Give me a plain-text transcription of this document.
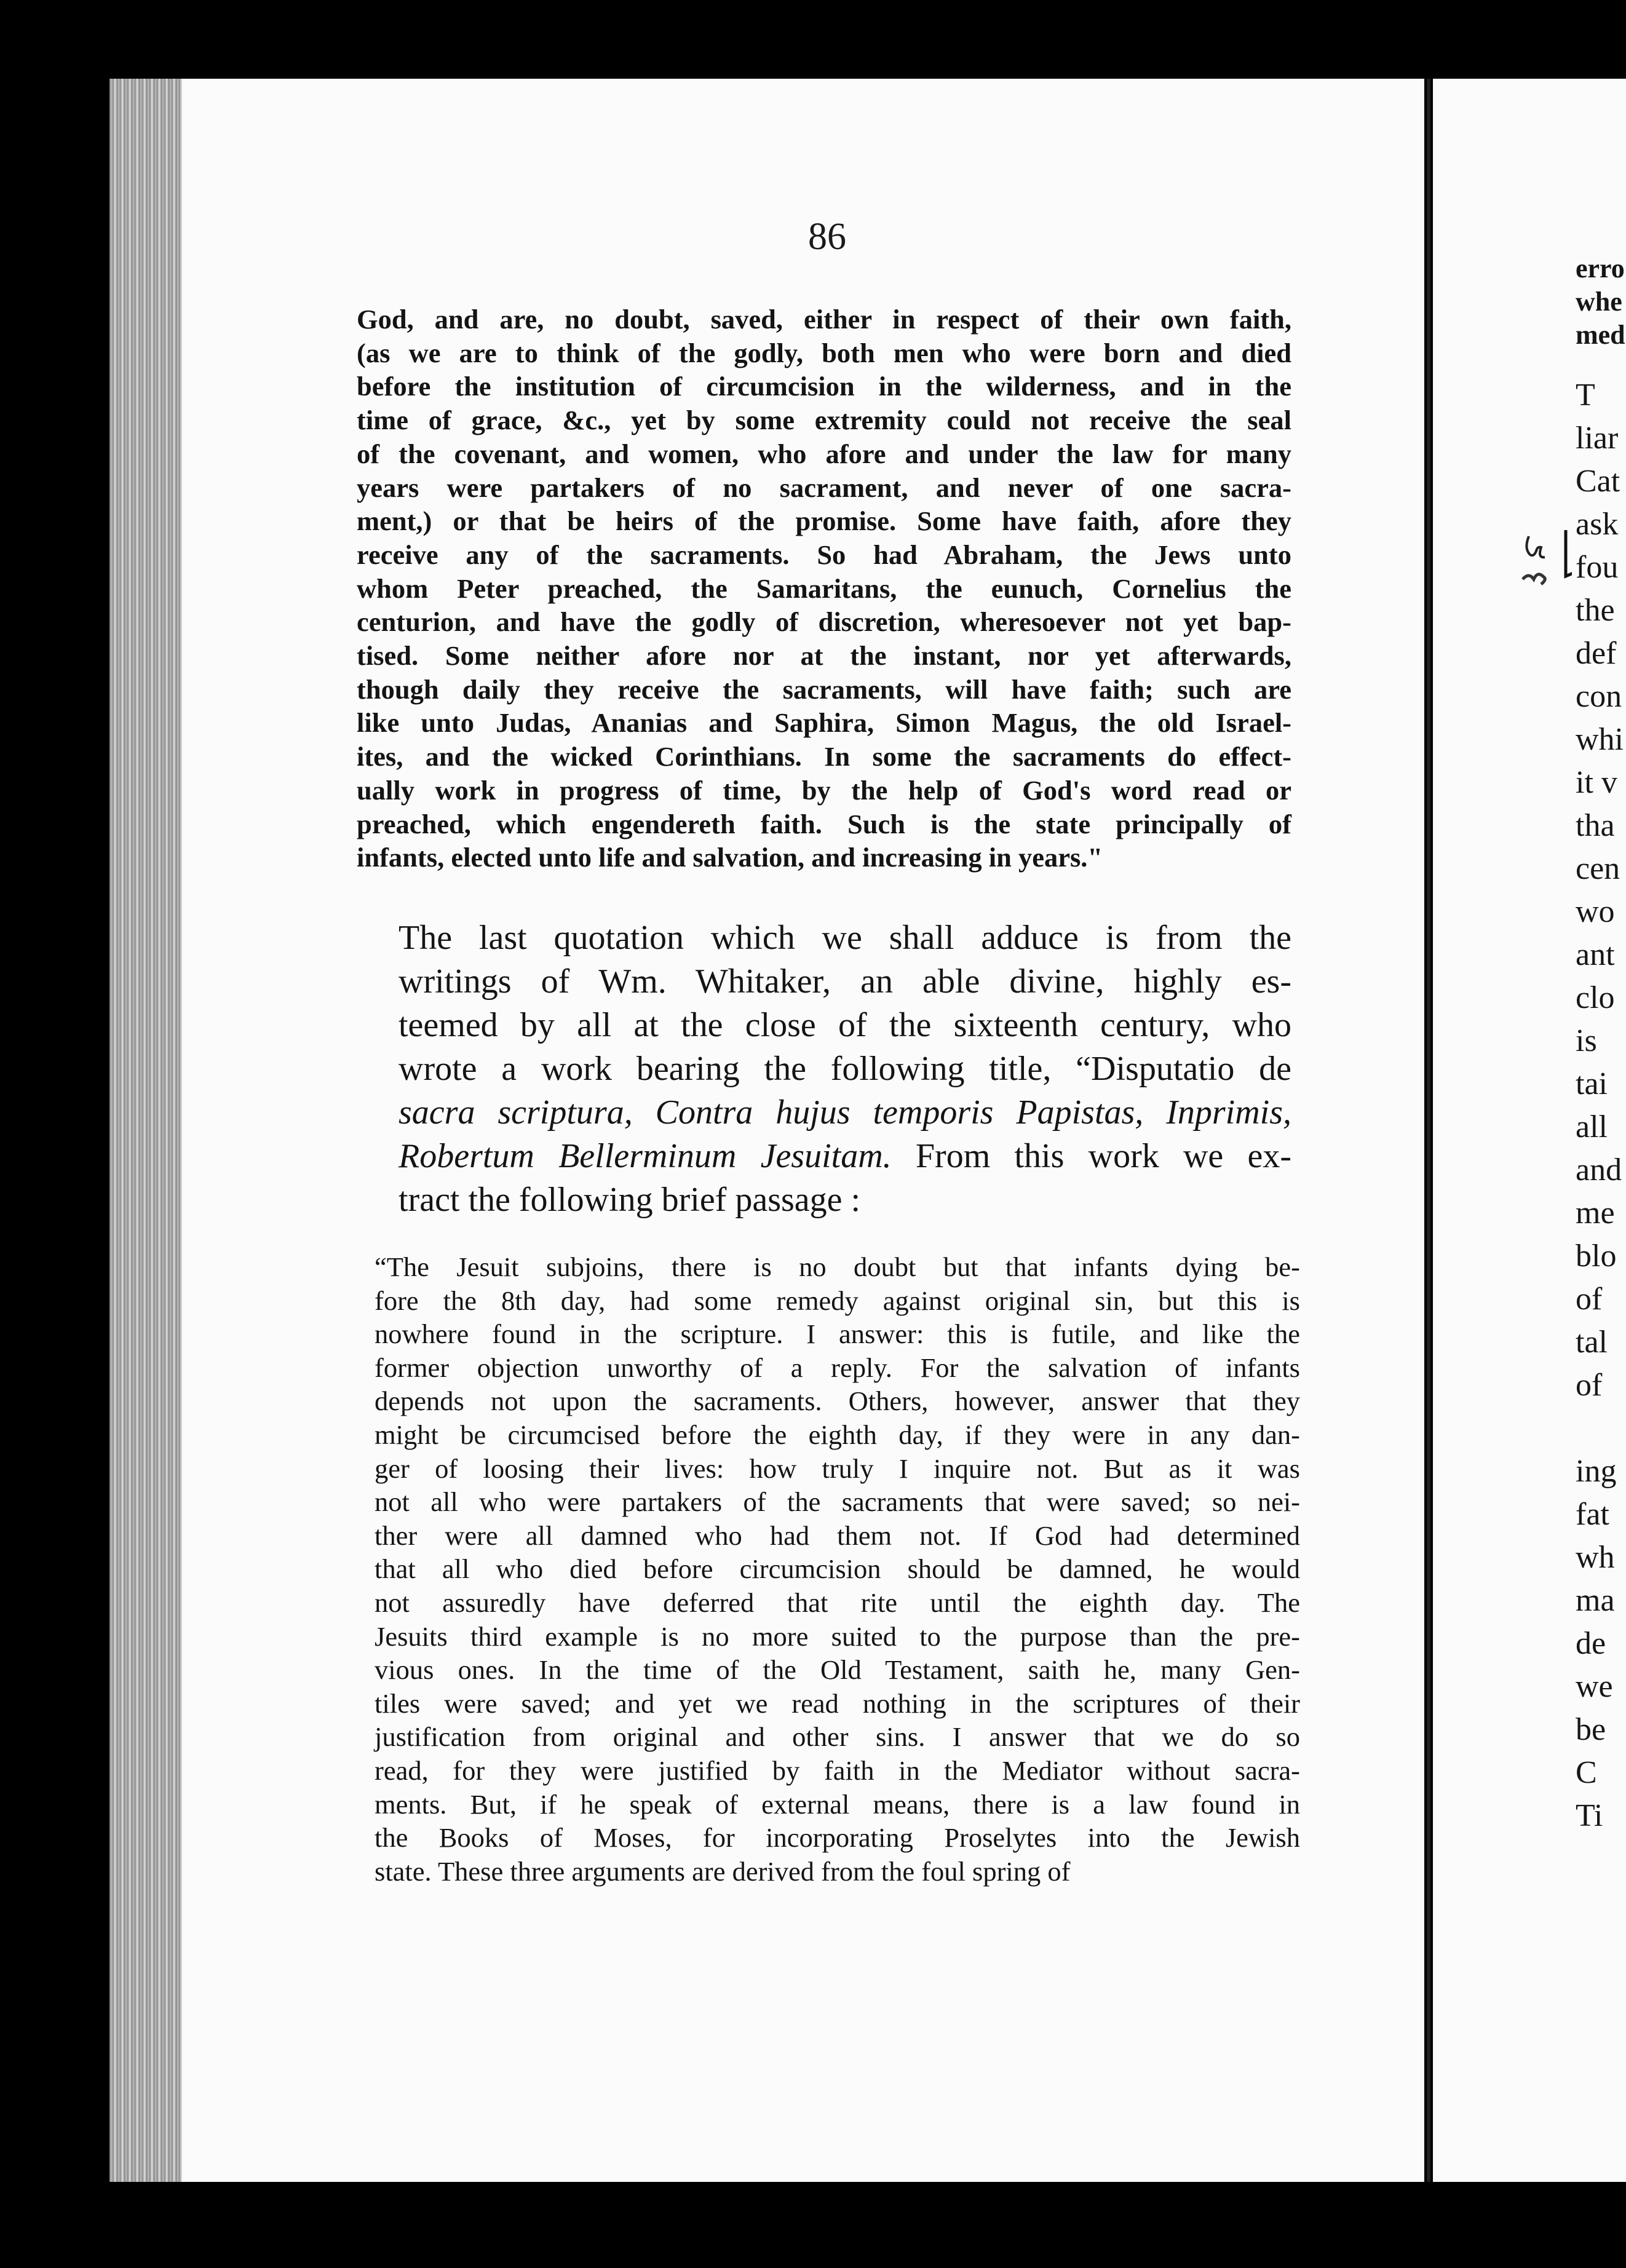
86
God, and are, no doubt, saved, either in respect of their own faith,
(as we are to think of the godly, both men who were born and died
before the institution of circumcision in the wilderness, and in the
time of grace, &c., yet by some extremity could not receive the seal
of the covenant, and women, who afore and under the law for many
years were partakers of no sacrament, and never of one sacra-
ment,) or that be heirs of the promise. Some have faith, afore they
receive any of the sacraments. So had Abraham, the Jews unto
whom Peter preached, the Samaritans, the eunuch, Cornelius the
centurion, and have the godly of discretion, wheresoever not yet bap-
tised. Some neither afore nor at the instant, nor yet afterwards,
though daily they receive the sacraments, will have faith; such are
like unto Judas, Ananias and Saphira, Simon Magus, the old Israel-
ites, and the wicked Corinthians. In some the sacraments do effect-
ually work in progress of time, by the help of God's word read or
preached, which engendereth faith. Such is the state principally of
infants, elected unto life and salvation, and increasing in years."
The last quotation which we shall adduce is from the
writings of Wm. Whitaker, an able divine, highly es-
teemed by all at the close of the sixteenth century, who
wrote a work bearing the following title, “Disputatio de
sacra scriptura, Contra hujus temporis Papistas, Inprimis,
Robertum Bellerminum Jesuitam. From this work we ex-
tract the following brief passage :
“The Jesuit subjoins, there is no doubt but that infants dying be-
fore the 8th day, had some remedy against original sin, but this is
nowhere found in the scripture. I answer: this is futile, and like the
former objection unworthy of a reply. For the salvation of infants
depends not upon the sacraments. Others, however, answer that they
might be circumcised before the eighth day, if they were in any dan-
ger of loosing their lives: how truly I inquire not. But as it was
not all who were partakers of the sacraments that were saved; so nei-
ther were all damned who had them not. If God had determined
that all who died before circumcision should be damned, he would
not assuredly have deferred that rite until the eighth day. The
Jesuits third example is no more suited to the purpose than the pre-
vious ones. In the time of the Old Testament, saith he, many Gen-
tiles were saved; and yet we read nothing in the scriptures of their
justification from original and other sins. I answer that we do so
read, for they were justified by faith in the Mediator without sacra-
ments. But, if he speak of external means, there is a law found in
the Books of Moses, for incorporating Proselytes into the Jewish
state. These three arguments are derived from the foul spring of
erro
whe
med
T
liar
Cat
ask
fou
the
def
con
whi
it v
tha
cen
wo
ant
clo
is
tai
all
and
me
blo
of
tal
of

ing
fat
wh
ma
de
we
be
C
Ti
